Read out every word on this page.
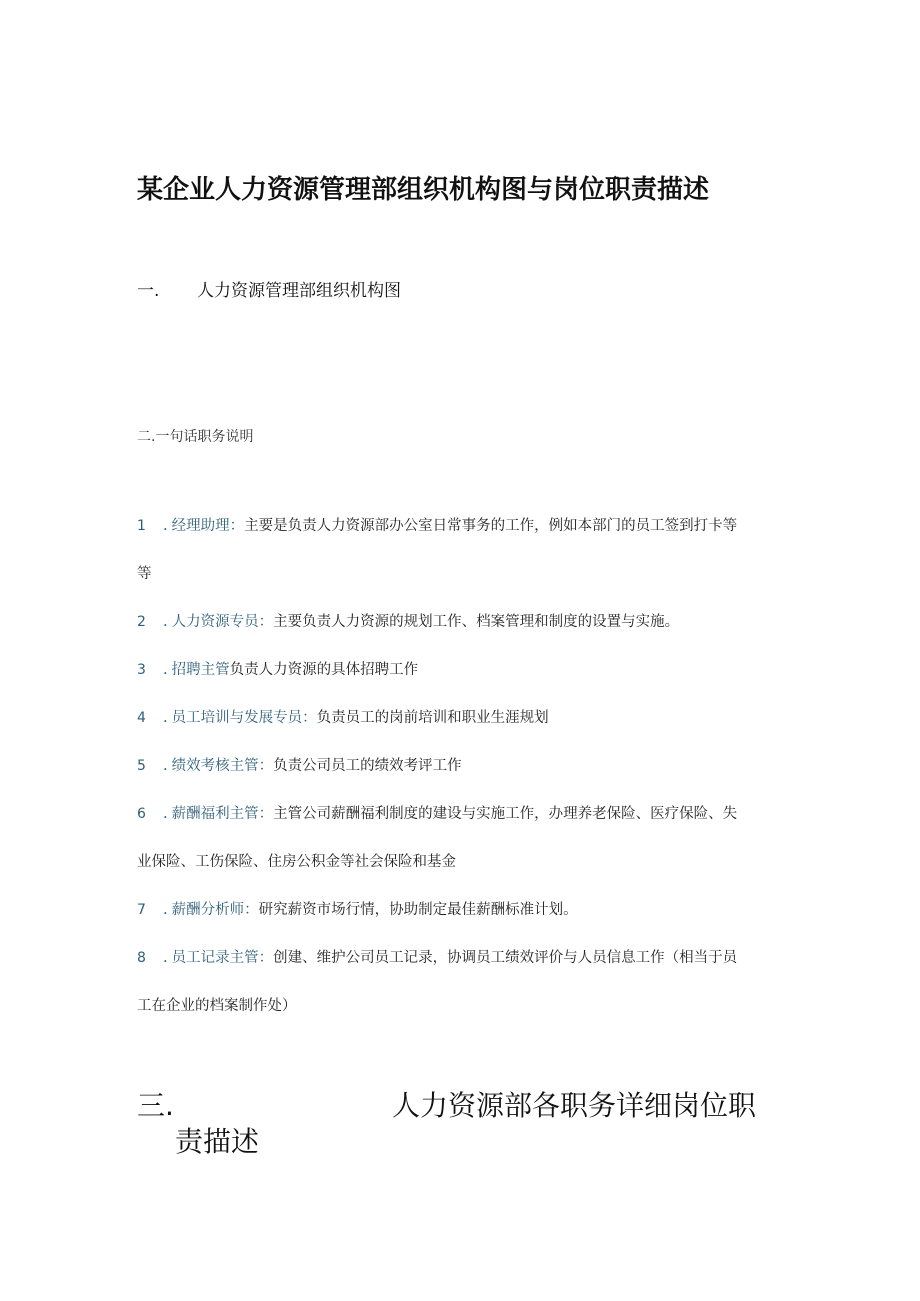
某企业人力资源管理部组织机构图与岗位职责描述
一. 人力资源管理部组织机构图
二.一句话职务说明
1 . 经理助理：主要是负责人力资源部办公室日常事务的工作，例如本部门的员工签到打卡等
等
2 . 人力资源专员：主要负责人力资源的规划工作、档案管理和制度的设置与实施。
3 . 招聘主管负责人力资源的具体招聘工作
4 . 员工培训与发展专员：负责员工的岗前培训和职业生涯规划
5 . 绩效考核主管：负责公司员工的绩效考评工作
6 . 薪酬福利主管：主管公司薪酬福利制度的建设与实施工作，办理养老保险、医疗保险、失
业保险、工伤保险、住房公积金等社会保险和基金
7 . 薪酬分析师：研究薪资市场行情，协助制定最佳薪酬标准计划。
8 . 员工记录主管：创建、维护公司员工记录，协调员工绩效评价与人员信息工作（相当于员
工在企业的档案制作处）
三.	人力资源部各职务详细岗位职
责描述
